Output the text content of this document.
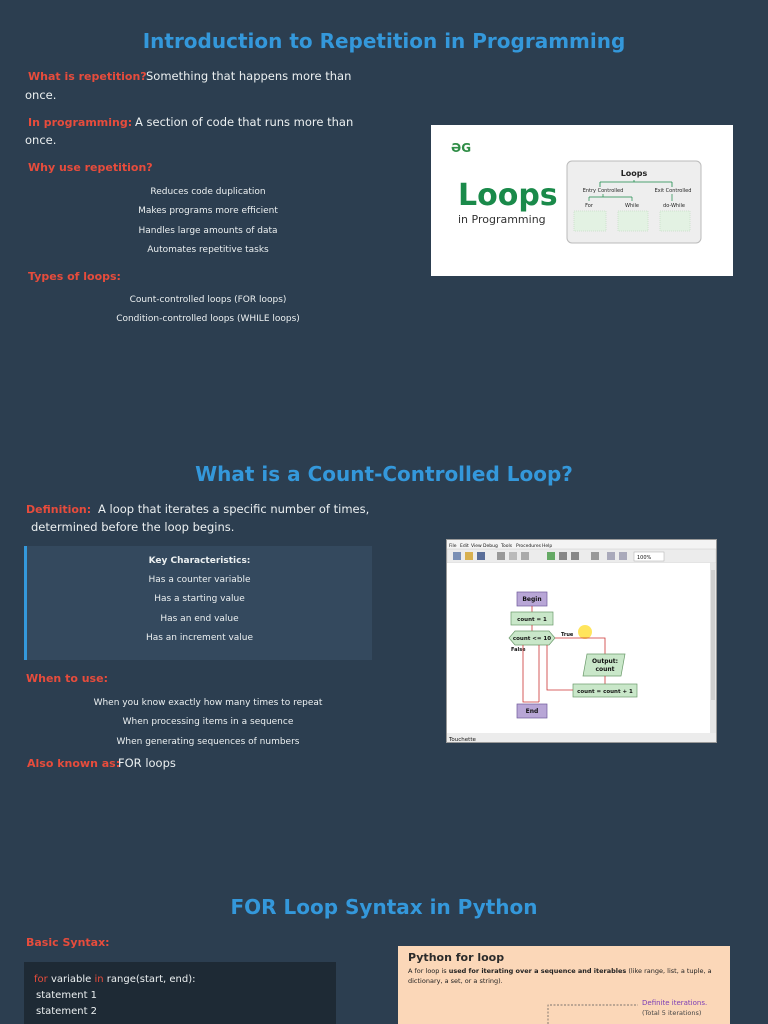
Introduction to Repetition in Programming
What is repetition? Something that happens more than
once.
In programming: A section of code that runs more than
once.
Why use repetition?
Reduces code duplication
Makes programs more efficient
Handles large amounts of data
Automates repetitive tasks
Types of loops:
Count-controlled loops (FOR loops)
Condition-controlled loops (WHILE loops)
ƏG
Loops
in Programming
Loops
Entry Controlled	Exit Controlled
For	While	do-While
What is a Count-Controlled Loop?
Definition: A loop that iterates a specific number of times,
determined before the loop begins.
Key Characteristics:
Has a counter variable
Has a starting value
Has an end value
Has an increment value
When to use:
When you know exactly how many times to repeat
When processing items in a sequence
When generating sequences of numbers
Also known as:
FOR loops
File Edit View Debug Tools Procedures Help
100%
Begin
count = 1
count <= 10
True
False
Output:
count
count = count + 1
End
Touchette
FOR Loop Syntax in Python
Basic Syntax:
for variable in range(start, end):
statement 1
statement 2
Python for loop
A for loop is used for iterating over a sequence and iterables (like range, list, a tuple, a
dictionary, a set, or a string).
Definite iterations.
(Total 5 iterations)
